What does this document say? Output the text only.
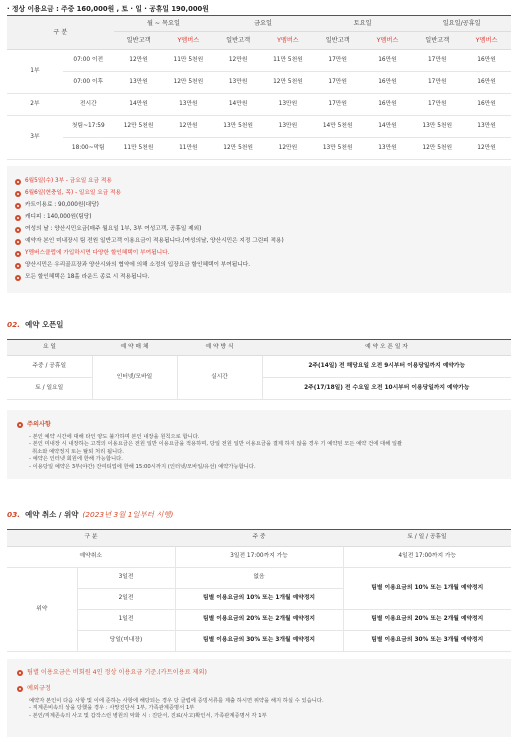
· 정상 이용요금 : 주중 160,000원 , 토 · 일 · 공휴일 190,000원
구 분		월 ~ 목요일		금요일		토요일		일요일/공휴일	
		일반고객	Y멤버스	일반고객	Y멤버스	일반고객	Y멤버스	일반고객	Y멤버스
1부	07:00 이전	12만원	11만 5천원	12만원	11만 5천원	17만원	16만원	17만원	16만원
	07:00 이후	13만원	12만 5천원	13만원	12만 5천원	17만원	16만원	17만원	16만원
2부	전시간	14만원	13만원	14만원	13만원	17만원	16만원	17만원	16만원
3부	첫팀~17:59	12만 5천원	12만원	13만 5천원	13만원	14만 5천원	14만원	13만 5천원	13만원
	18:00~막팀	11만 5천원	11만원	12만 5천원	12만원	13만 5천원	13만원	12만 5천원	12만원
6월5일(수) 3부 - 금요일 요금 적용
6월6일(현충일, 목) - 일요일 요금 적용
카트이용료 : 90,000원(대당)
캐디피 : 140,000원(팀당)
여성의 날 : 양산시민요금(매주 월요일 1부, 3부 여성고객, 공휴일 제외)
예약자 본인 미내장시 팀 전원 일반고객 이용요금이 적용됩니다.(여성의날, 양산시민은 지정 그린피 적용)
Y멤버스클럽에 가입하시면 다양한 할인혜택이 부여됩니다.
양산시민은 우리골프장과 양산시와의 협약에 의해 소정의 입장요금 할인혜택이 부여됩니다.
모든 할인혜택은 18홀 라운드 종료 시 적용됩니다.
02. 예약 오픈일
요 일	예 약 매 체	예 약 방 식	예 약 오 픈 일 자
주중 / 공휴일	인터넷/모바일	실시간	2주(14일) 전 해당요일 오전 9시부터 이용당일까지 예약가능
토 / 일요일			2주(17/18일) 전 수요일 오전 10시부터 이용당일까지 예약가능
주의사항
- 본인 예약 시간에 대해 타인 양도 불가하며 본인 내장을 원칙으로 합니다.
- 본인 미내장 시 내장하는 고객의 이용요금은 전원 일반 이용요금을 적용하며, 당일 전원 일반 이용요금을 결제 하지 않을 경우 기 예약된 모든 예약 건에 대해 일괄
취소와 예약정지 또는 탈퇴 처리 됩니다.
- 예약은 인터넷 회원에 한해 가능합니다.
- 이용당일 예약은 3부(야간) 잔여티업에 한해 15:00시까지 (인터넷/모바일/유선) 예약가능합니다.
03. 예약 취소 / 위약 (2023년 3월 1일부터 시행)
구 분		주 중	토 / 일 / 공휴일
예약취소		3일전 17:00까지 가능	4일전 17:00까지 가능
위약	3일전	없음	팀별 이용요금의 10% 또는 1개월 예약정지
	2일전	팀별 이용요금의 10% 또는 1개월 예약정지	
	1일전	팀별 이용요금의 20% 또는 2개월 예약정지	팀별 이용요금의 20% 또는 2개월 예약정지
	당일(미내장)	팀별 이용요금의 30% 또는 3개월 예약정지	팀별 이용요금의 30% 또는 3개월 예약정지
팀별 이용요금은 비회원 4인 정상 이용요금 기준.(카트이용료 제외)
예외규정
예약자 본인이 다음 사항 및 이에 준하는 사항에 해당되는 경우 당 클럽에 증빙서류를 제출 하시면 위약을 해지 하실 수 있습니다.
- 직계존비속의 상을 당했을 경우 : 사망진단서 1부, 가족관계증명서 1부
- 본인/직계존속의 사고 및 갑작스런 병원의 악화 시 : 진단서, 진료(사고)확인서, 가족관계증명서 각 1부
